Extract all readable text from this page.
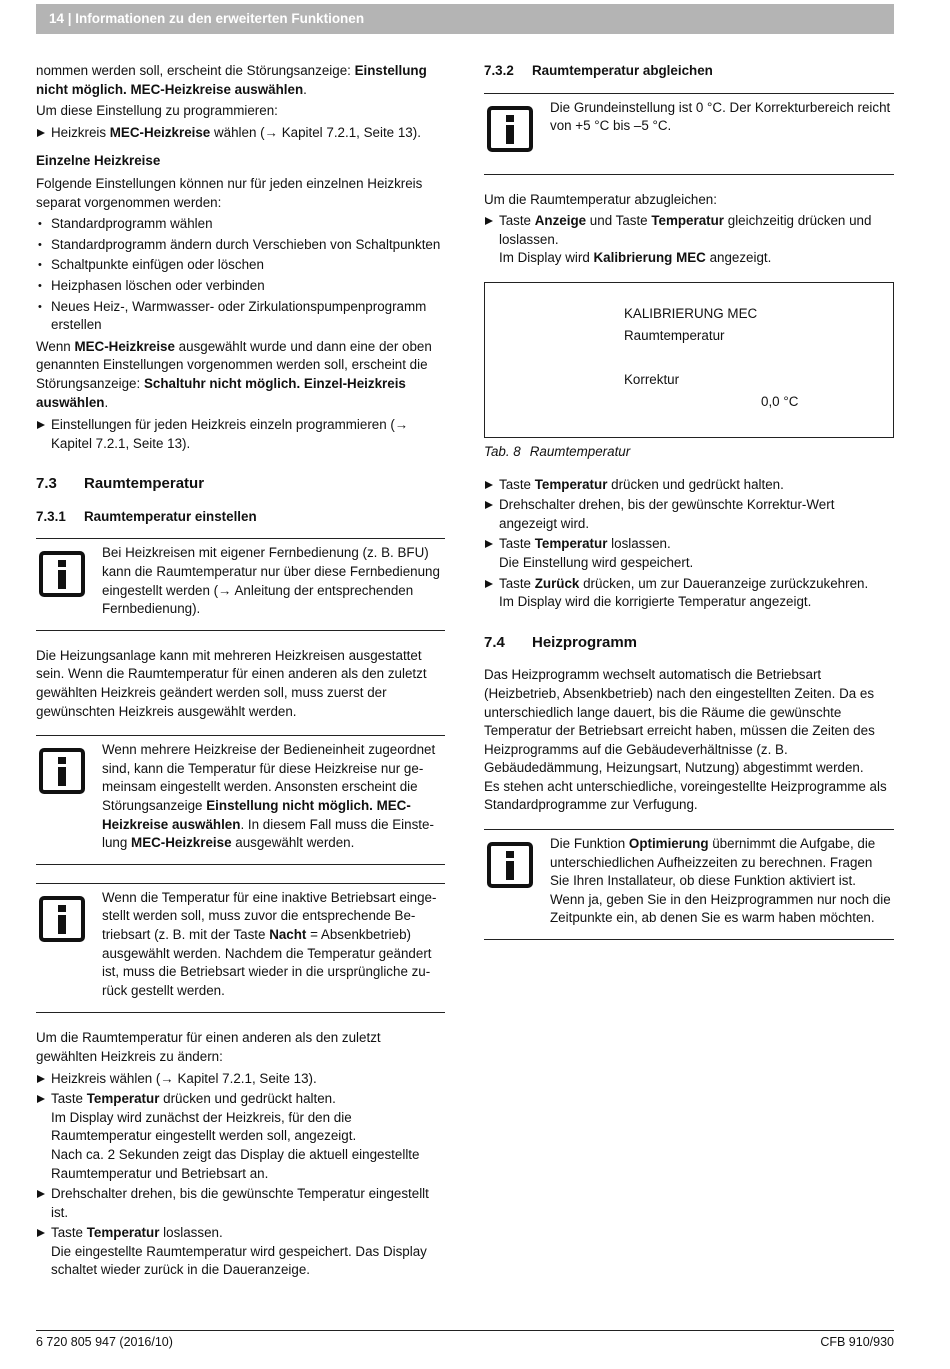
14 | Informationen zu den erweiterten Funktionen

nommen werden soll, erscheint die Störungsanzeige: Einstellung nicht möglich. MEC-Heizkreise auswählen.

Um diese Einstellung zu programmieren:

Heizkreis MEC-Heizkreise wählen (→ Kapitel 7.2.1, Seite 13).
Einzelne Heizkreise

Folgende Einstellungen können nur für jeden einzelnen Heizkreis separat vorgenommen werden:

• Standardprogramm wählen
• Standardprogramm ändern durch Verschieben von Schaltpunkten
• Schaltpunkte einfügen oder löschen
• Heizphasen löschen oder verbinden
• Neues Heiz-, Warmwasser- oder Zirkulationspumpenprogramm erstellen

Wenn MEC-Heizkreise ausgewählt wurde und dann eine der oben genannten Einstellungen vorgenommen werden soll, erscheint die Störungsanzeige: Schaltuhr nicht möglich. Einzel-Heizkreis auswählen.

Einstellungen für jeden Heizkreis einzeln programmieren (→ Kapitel 7.2.1, Seite 13).
7.3 Raumtemperatur
7.3.1 Raumtemperatur einstellen
Bei Heizkreisen mit eigener Fernbedienung (z. B. BFU) kann die Raumtemperatur nur über diese Fernbedienung eingestellt werden (→ Anleitung der entsprechenden Fernbedienung).

Die Heizungsanlage kann mit mehreren Heizkreisen ausgestattet sein. Wenn die Raumtemperatur für einen anderen als den zuletzt gewählten Heizkreis geändert werden soll, muss zuerst der gewünschten Heizkreis ausgewählt werden.

Wenn mehrere Heizkreise der Bedieneinheit zugeordnet sind, kann die Temperatur für diese Heizkreise nur gemeinsam eingestellt werden. Ansonsten erscheint die Störungsanzeige Einstellung nicht möglich. MEC-Heizkreise auswählen. In diesem Fall muss die Einstelung MEC-Heizkreise ausgewählt werden.
Wenn die Temperatur für eine inaktive Betriebsart eingestellt werden soll, muss zuvor die entsprechende Betriebsart (z. B. mit der Taste Nacht = Absenkbetrieb) ausgewählt werden. Nachdem die Temperatur geändert ist, muss die Betriebsart wieder in die ursprüngliche zurück gestellt werden.

Um die Raumtemperatur für einen anderen als den zuletzt gewählten Heizkreis zu ändern:

Heizkreis wählen (→ Kapitel 7.2.1, Seite 13).
Taste Temperatur drücken und gedrückt halten.
Im Display wird zunächst der Heizkreis, für den die Raumtemperatur eingestellt werden soll, angezeigt.
Nach ca. 2 Sekunden zeigt das Display die aktuell eingestellte Raumtemperatur und Betriebsart an.
Drehschalter drehen, bis die gewünschte Temperatur eingestellt ist.
Taste Temperatur loslassen.
Die eingestellte Raumtemperatur wird gespeichert. Das Display schaltet wieder zurück in die Daueranzeige.
7.3.2 Raumtemperatur abgleichen
Die Grundeinstellung ist 0 °C. Der Korrekturbereich reicht von +5 °C bis –5 °C.

Um die Raumtemperatur abzugleichen:

Taste Anzeige und Taste Temperatur gleichzeitig drücken und loslassen.
Im Display wird Kalibrierung MEC angezeigt.
KALIBRIERUNG MEC
Raumtemperatur
Korrektur
0,0 °C
Tab. 8 Raumtemperatur
Taste Temperatur drücken und gedrückt halten.
Drehschalter drehen, bis der gewünschte Korrektur-Wert angezeigt wird.
Taste Temperatur loslassen.
Die Einstellung wird gespeichert.
Taste Zurück drücken, um zur Daueranzeige zurückzukehren.
Im Display wird die korrigierte Temperatur angezeigt.
7.4 Heizprogramm

Das Heizprogramm wechselt automatisch die Betriebsart (Heizbetrieb, Absenkbetrieb) nach den eingestellten Zeiten. Da es unterschiedlich lange dauert, bis die Räume die gewünschte Temperatur der Betriebsart erreicht haben, müssen die Zeiten des Heizprogramms auf die Gebäudeverhältnisse (z. B. Gebäudedämmung, Heizungsart, Nutzung) abgestimmt werden.

Es stehen acht unterschiedliche, voreingestellte Heizprogramme als Standardprogramme zur Verfugung.

Die Funktion Optimierung übernimmt die Aufgabe, die unterschiedlichen Aufheizzeiten zu berechnen. Fragen Sie Ihren Installateur, ob diese Funktion aktiviert ist. Wenn ja, geben Sie in den Heizprogrammen nur noch die Zeitpunkte ein, ab denen Sie es warm haben möchten.
6 720 805 947 (2016/10)	CFB 910/930
